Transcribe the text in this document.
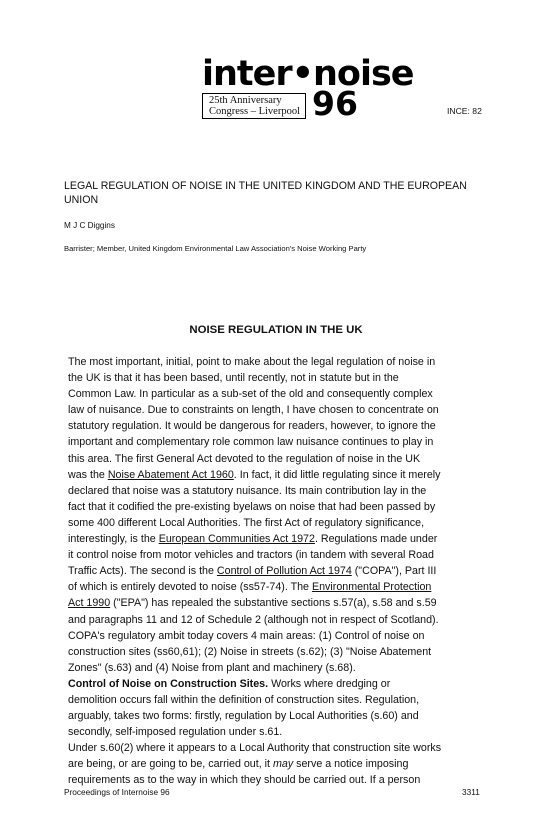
inter•noise
25th Anniversary
Congress – Liverpool 96	INCE: 82
LEGAL REGULATION OF NOISE IN THE UNITED KINGDOM AND THE EUROPEAN UNION
M J C Diggins
Barrister; Member, United Kingdom Environmental Law Association's Noise Working Party
NOISE REGULATION IN THE UK
The most important, initial, point to make about the legal regulation of noise in
the UK is that it has been based, until recently, not in statute but in the
Common Law. In particular as a sub-set of the old and consequently complex
law of nuisance. Due to constraints on length, I have chosen to concentrate on
statutory regulation. It would be dangerous for readers, however, to ignore the
important and complementary role common law nuisance continues to play in
this area. The first General Act devoted to the regulation of noise in the UK
was the Noise Abatement Act 1960. In fact, it did little regulating since it merely
declared that noise was a statutory nuisance. Its main contribution lay in the
fact that it codified the pre-existing byelaws on noise that had been passed by
some 400 different Local Authorities. The first Act of regulatory significance,
interestingly, is the European Communities Act 1972. Regulations made under
it control noise from motor vehicles and tractors (in tandem with several Road
Traffic Acts). The second is the Control of Pollution Act 1974 ("COPA"), Part III
of which is entirely devoted to noise (ss57-74). The Environmental Protection
Act 1990 ("EPA") has repealed the substantive sections s.57(a), s.58 and s.59
and paragraphs 11 and 12 of Schedule 2 (although not in respect of Scotland).
COPA's regulatory ambit today covers 4 main areas: (1) Control of noise on
construction sites (ss60,61); (2) Noise in streets (s.62); (3) "Noise Abatement
Zones" (s.63) and (4) Noise from plant and machinery (s.68).
Control of Noise on Construction Sites. Works where dredging or
demolition occurs fall within the definition of construction sites. Regulation,
arguably, takes two forms: firstly, regulation by Local Authorities (s.60) and
secondly, self-imposed regulation under s.61.
Under s.60(2) where it appears to a Local Authority that construction site works
are being, or are going to be, carried out, it may serve a notice imposing
requirements as to the way in which they should be carried out. If a person
Proceedings of Internoise 96	3311
